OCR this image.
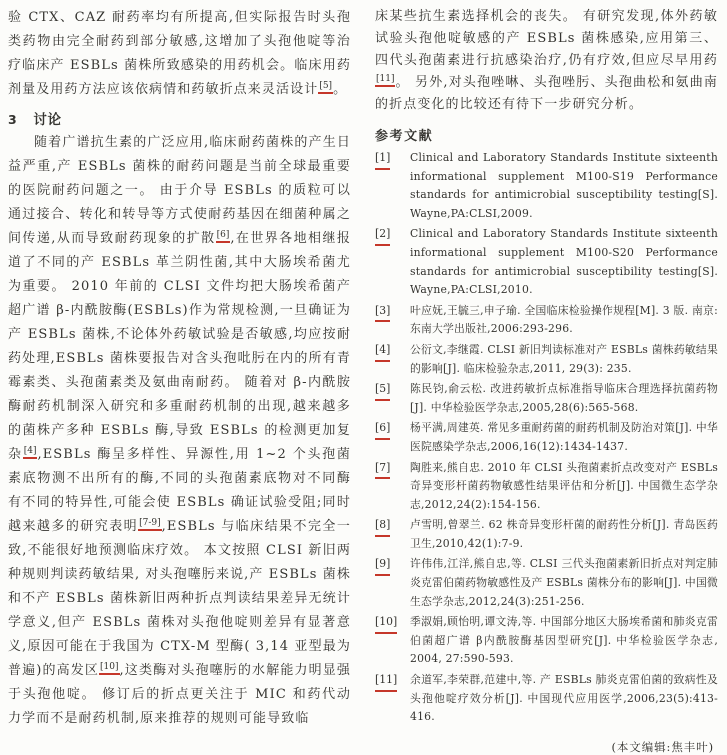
验 CTX、CAZ 耐药率均有所提高,但实际报告时头孢类药物由完全耐药到部分敏感,这增加了头孢他啶等治疗临床产 ESBLs 菌株所致感染的用药机会。临床用药剂量及用药方法应该依病情和药敏折点来灵活设计[5]。

3 讨论

随着广谱抗生素的广泛应用,临床耐药菌株的产生日益严重,产 ESBLs 菌株的耐药问题是当前全球最重要的医院耐药问题之一。 由于介导 ESBLs 的质粒可以通过接合、转化和转导等方式使耐药基因在细菌种属之间传递,从而导致耐药现象的扩散[6],在世界各地相继报道了不同的产 ESBLs 革兰阴性菌,其中大肠埃希菌尤为重要。 2010 年前的 CLSI 文件均把大肠埃希菌产超广谱 β-内酰胺酶(ESBLs)作为常规检测,一旦确证为产 ESBLs 菌株,不论体外药敏试验是否敏感,均应按耐药处理,ESBLs 菌株要报告对含头孢吡肟在内的所有青霉素类、头孢菌素类及氨曲南耐药。 随着对 β-内酰胺酶耐药机制深入研究和多重耐药机制的出现,越来越多的菌株产多种 ESBLs 酶,导致 ESBLs 的检测更加复杂[4],ESBLs 酶呈多样性、异源性,用 1~2 个头孢菌素底物测不出所有的酶,不同的头孢菌素底物对不同酶有不同的特异性,可能会使 ESBLs 确证试验受阻;同时越来越多的研究表明[7-9],ESBLs 与临床结果不完全一致,不能很好地预测临床疗效。 本文按照 CLSI 新旧两种规则判读药敏结果, 对头孢噻肟来说,产 ESBLs 菌株和不产 ESBLs 菌株新旧两种折点判读结果差异无统计学意义,但产 ESBLs 菌株对头孢他啶则差异有显著意义,原因可能在于我国为 CTX-M 型酶( 3,14 亚型最为普遍)的高发区[10],这类酶对头孢噻肟的水解能力明显强于头孢他啶。 修订后的折点更关注于 MIC 和药代动力学而不是耐药机制,原来推荐的规则可能导致临

床某些抗生素选择机会的丧失。 有研究发现,体外药敏试验头孢他啶敏感的产 ESBLs 菌株感染,应用第三、四代头孢菌素进行抗感染治疗,仍有疗效,但应尽早用药[11]。 另外,对头孢唑啉、头孢唑肟、头孢曲松和氨曲南的折点变化的比较还有待下一步研究分析。

参考文献

[1] Clinical and Laboratory Standards Institute sixteenth informational supplement M100-S19 Performance standards for antimicrobial susceptibility testing[S]. Wayne,PA:CLSI,2009.

[2] Clinical and Laboratory Standards Institute sixteenth informational supplement M100-S20 Performance standards for antimicrobial susceptibility testing[S]. Wayne,PA:CLSI,2010.

[3] 叶应妩,王毓三,申子瑜. 全国临床检验操作规程[M]. 3 版. 南京:东南大学出版社,2006:293-296.

[4] 公衍文,李继霞. CLSI 新旧判读标准对产 ESBLs 菌株药敏结果的影响[J]. 临床检验杂志,2011, 29(3): 235.

[5] 陈民钧,俞云松. 改进药敏折点标准指导临床合理选择抗菌药物[J]. 中华检验医学杂志,2005,28(6):565-568.

[6] 杨平满,周建英. 常见多重耐药菌的耐药机制及防治对策[J]. 中华医院感染学杂志,2006,16(12):1434-1437.

[7] 陶胜来,熊自忠. 2010 年 CLSI 头孢菌素折点改变对产 ESBLs 奇异变形杆菌药物敏感性结果评估和分析[J]. 中国微生态学杂志,2012,24(2):154-156.

[8] 卢雪明,曾翠兰. 62 株奇异变形杆菌的耐药性分析[J]. 青岛医药卫生,2010,42(1):7-9.

[9] 许伟伟,江洋,熊自忠,等. CLSI 三代头孢菌素新旧折点对判定肺炎克雷伯菌药物敏感性及产 ESBLs 菌株分布的影响[J]. 中国微生态学杂志,2012,24(3):251-256.

[10] 季淑娟,顾怡明,谭文涛,等. 中国部分地区大肠埃希菌和肺炎克雷伯菌超广谱 β内酰胺酶基因型研究[J]. 中华检验医学杂志, 2004, 27:590-593.

[11] 余道军,李荣群,范建中,等. 产 ESBLs 肺炎克雷伯菌的致病性及头孢他啶疗效分析[J]. 中国现代应用医学,2006,23(5):413-416.

(本文编辑:焦丰叶)
